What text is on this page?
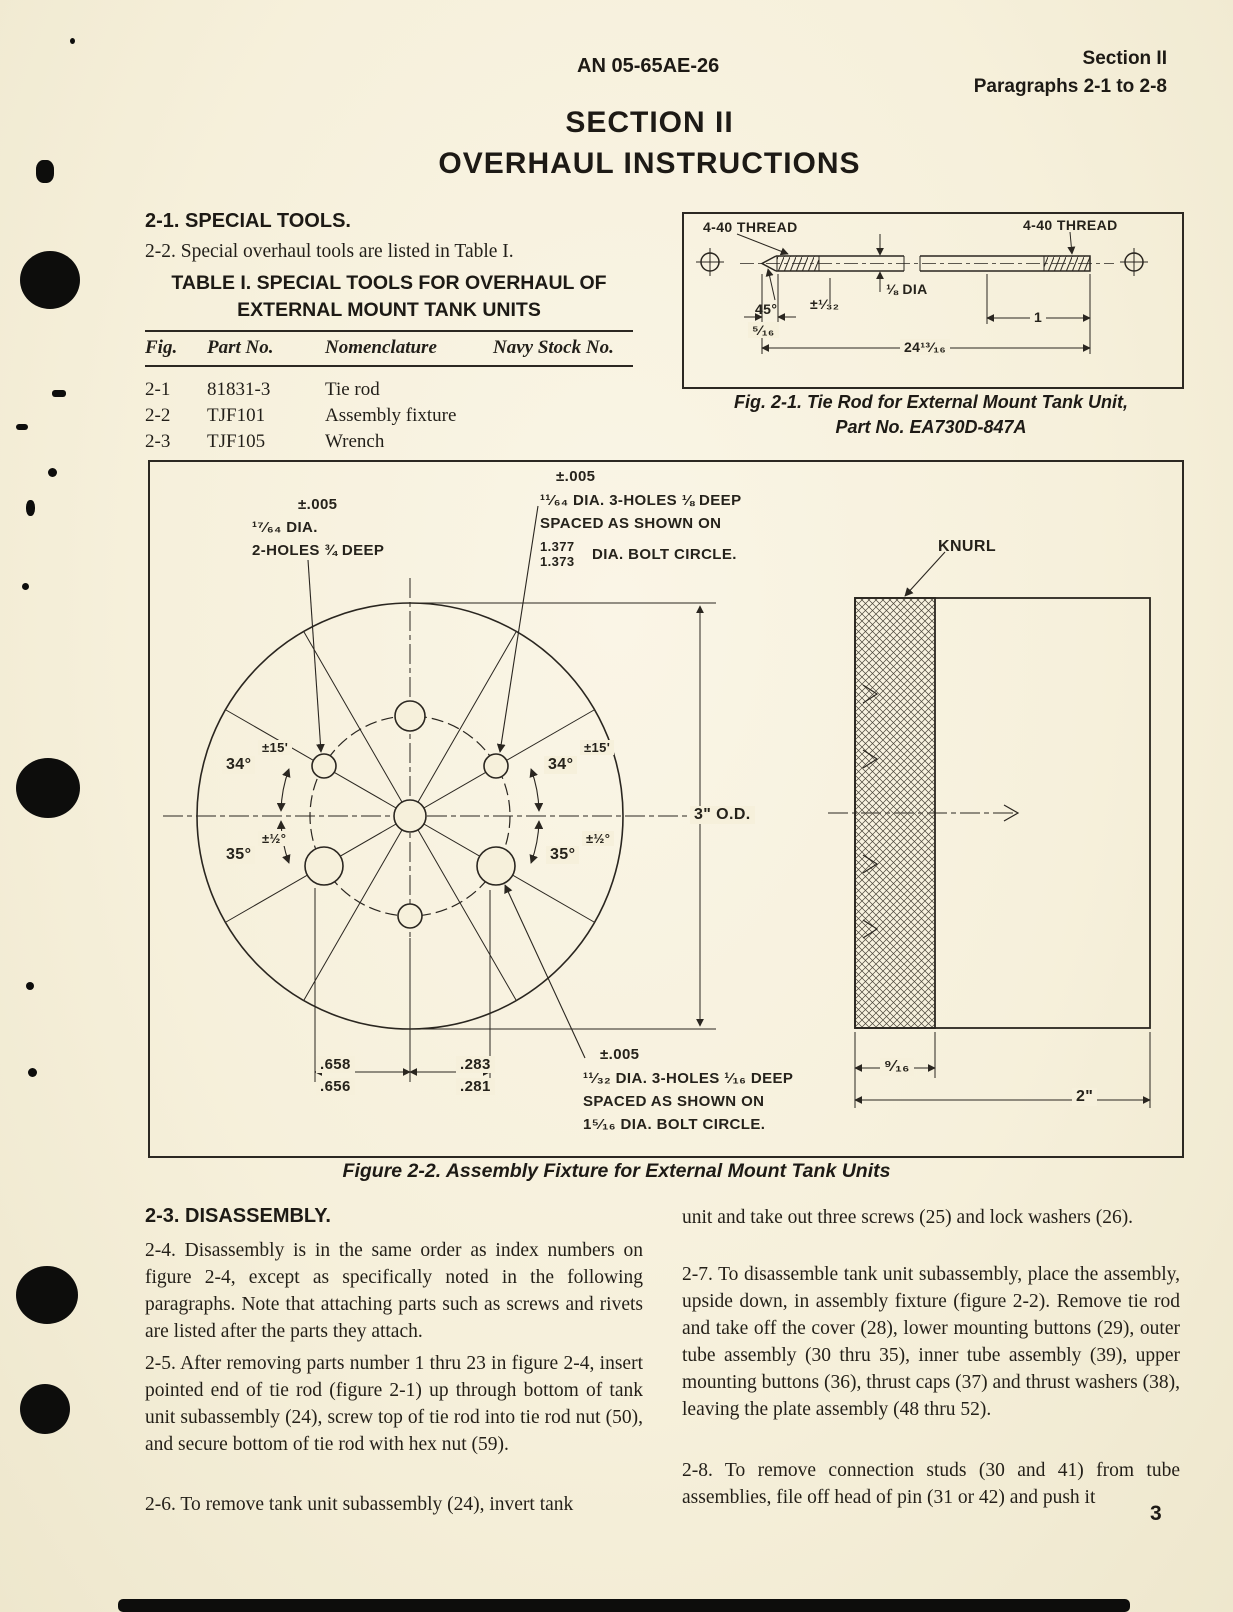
AN 05-65AE-26	Section II
Paragraphs 2-1 to 2-8
SECTION II
OVERHAUL INSTRUCTIONS
2-1. SPECIAL TOOLS.
2-2. Special overhaul tools are listed in Table I.
TABLE I. SPECIAL TOOLS FOR OVERHAUL OF
EXTERNAL MOUNT TANK UNITS
Fig.	Part No.	Nomenclature	Navy Stock No.
2-1	81831-3	Tie rod
2-2	TJF101	Assembly fixture
2-3	TJF105	Wrench
4-40 THREAD	4-40 THREAD
45° ±¹⁄₃₂
⅛ DIA
⁵⁄₁₆
24¹³⁄₁₆
1
Fig. 2-1. Tie Rod for External Mount Tank Unit,
Part No. EA730D-847A
±.005
¹⁷⁄₆₄ DIA.
2-HOLES ¾ DEEP
±.005
¹¹⁄₆₄ DIA. 3-HOLES ⅛ DEEP
SPACED AS SHOWN ON
1.377
1.373 DIA. BOLT CIRCLE.	KNURL
34°
±15'
34°
±15'
35°
±½°
35°
±½°
3" O.D.
.658
.656
.283
.281
±.005
¹¹⁄₃₂ DIA. 3-HOLES ¹⁄₁₆ DEEP
SPACED AS SHOWN ON
1⁵⁄₁₆ DIA. BOLT CIRCLE.
⁹⁄₁₆
2"
Figure 2-2. Assembly Fixture for External Mount Tank Units
2-3. DISASSEMBLY.
2-4. Disassembly is in the same order as index numbers on figure 2-4, except as specifically noted in the following paragraphs. Note that attaching parts such as screws and rivets are listed after the parts they attach.
2-5. After removing parts number 1 thru 23 in figure 2-4, insert pointed end of tie rod (figure 2-1) up through bottom of tank unit subassembly (24), screw top of tie rod into tie rod nut (50), and secure bottom of tie rod with hex nut (59).
2-6. To remove tank unit subassembly (24), invert tank
unit and take out three screws (25) and lock washers (26).
2-7. To disassemble tank unit subassembly, place the assembly, upside down, in assembly fixture (figure 2-2). Remove tie rod and take off the cover (28), lower mounting buttons (29), outer tube assembly (30 thru 35), inner tube assembly (39), upper mounting buttons (36), thrust caps (37) and thrust washers (38), leaving the plate assembly (48 thru 52).
2-8. To remove connection studs (30 and 41) from tube assemblies, file off head of pin (31 or 42) and push it
3
